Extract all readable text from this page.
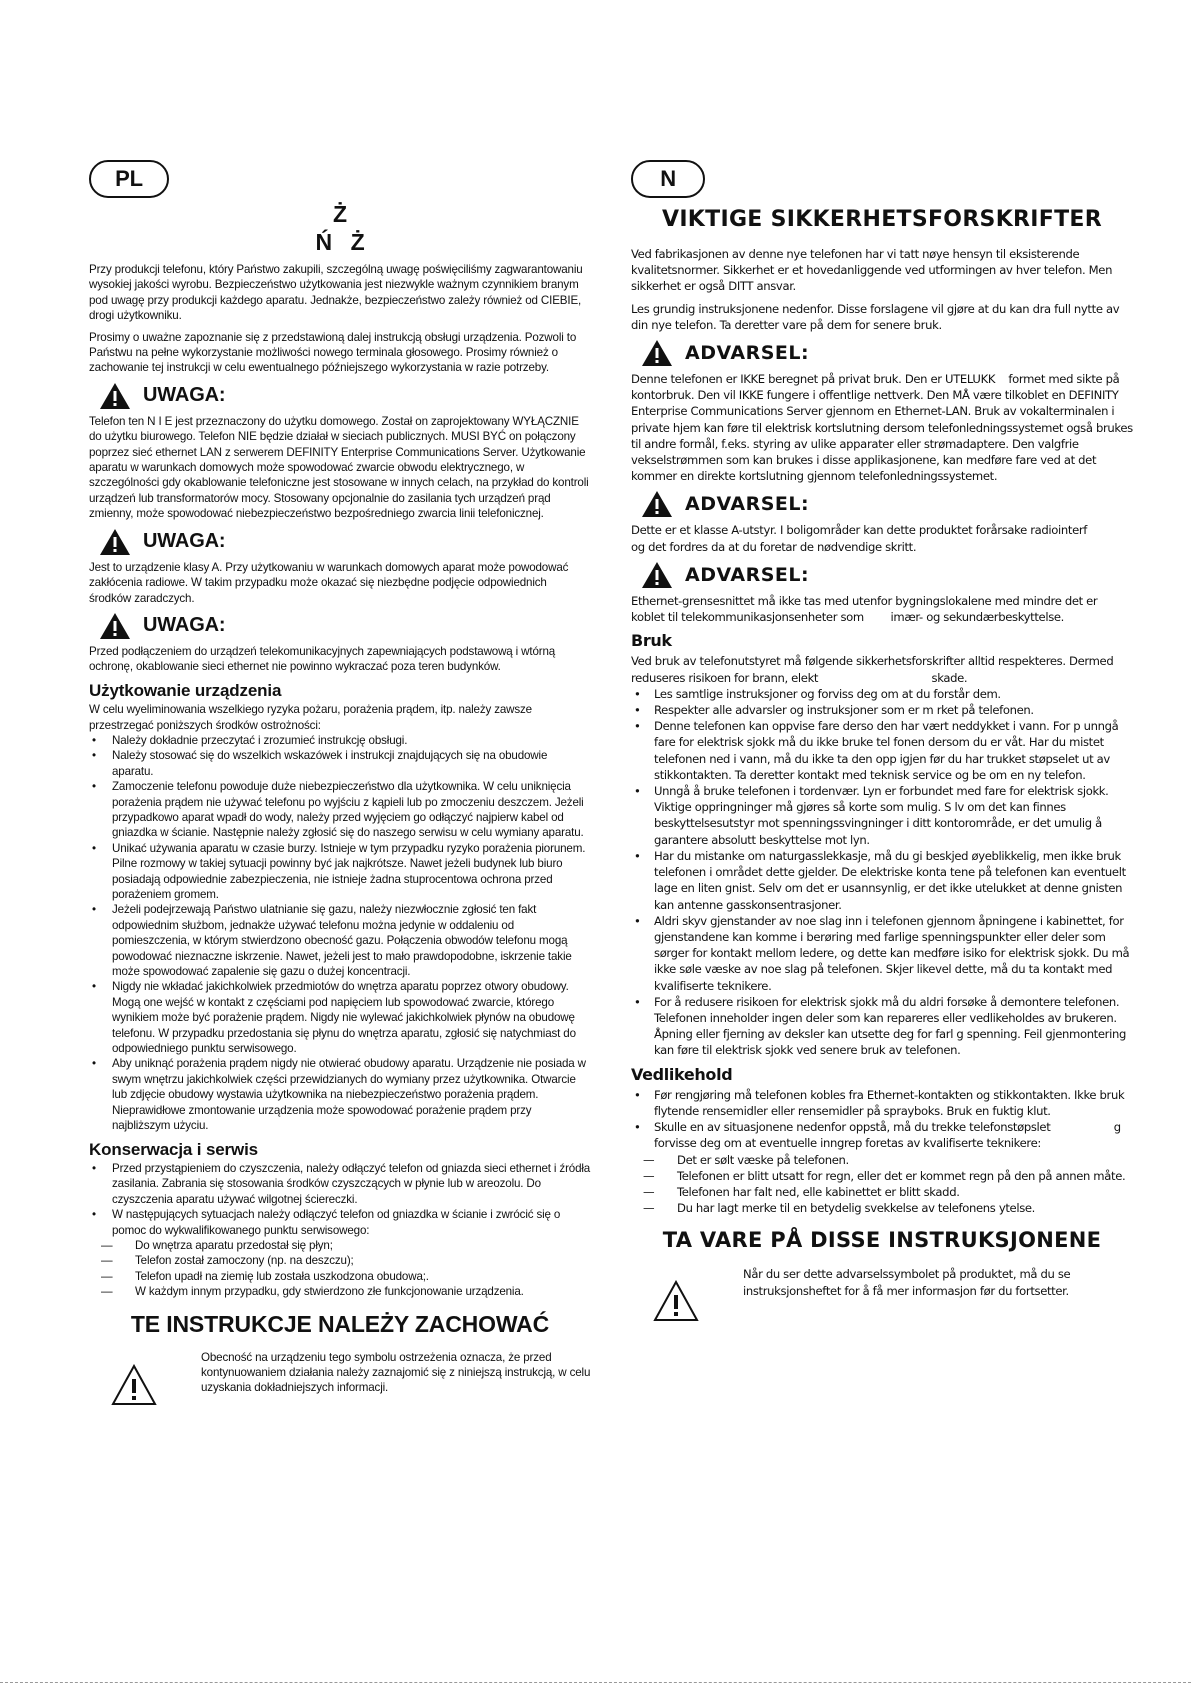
PL
Ż
Ń   Ż

Przy produkcji telefonu, który Państwo zakupili, szczególną uwagę poświęciliśmy zagwarantowaniu wysokiej jakości wyrobu. Bezpieczeństwo użytkowania jest niezwykle ważnym czynnikiem branym pod uwagę przy produkcji każdego aparatu. Jednakże, bezpieczeństwo zależy również od CIEBIE, drogi użytkowniku.

Prosimy o uważne zapoznanie się z przedstawioną dalej instrukcją obsługi urządzenia. Pozwoli to Państwu na pełne wykorzystanie możliwości nowego terminala głosowego. Prosimy również o zachowanie tej instrukcji w celu ewentualnego późniejszego wykorzystania w razie potrzeby.

UWAGA:

Telefon ten N I E jest przeznaczony do użytku domowego. Został on zaprojektowany WYŁĄCZNIE do użytku biurowego. Telefon NIE będzie działał w sieciach publicznych. MUSI BYĆ on połączony poprzez sieć ethernet LAN z serwerem DEFINITY Enterprise Communications Server. Użytkowanie aparatu w warunkach domowych może spowodować zwarcie obwodu elektrycznego, w szczególności gdy okablowanie telefoniczne jest stosowane w innych celach, na przykład do kontroli urządzeń lub transformatorów mocy. Stosowany opcjonalnie do zasilania tych urządzeń prąd zmienny, może spowodować niebezpieczeństwo bezpośredniego zwarcia linii telefonicznej.

UWAGA:

Jest to urządzenie klasy A. Przy użytkowaniu w warunkach domowych aparat może powodować zakłócenia radiowe. W takim przypadku może okazać się niezbędne podjęcie odpowiednich środków zaradczych.

UWAGA:

Przed podłączeniem do urządzeń telekomunikacyjnych zapewniających podstawową i wtórną ochronę, okablowanie sieci ethernet nie powinno wykraczać poza teren budynków.

Użytkowanie urządzenia

W celu wyeliminowania wszelkiego ryzyka pożaru, porażenia prądem, itp. należy zawsze przestrzegać poniższych środków ostrożności:

• Należy dokładnie przeczytać i zrozumieć instrukcję obsługi.
• Należy stosować się do wszelkich wskazówek i instrukcji znajdujących się na obudowie aparatu.
• Zamoczenie telefonu powoduje duże niebezpieczeństwo dla użytkownika. W celu uniknięcia porażenia prądem nie używać telefonu po wyjściu z kąpieli lub po zmoczeniu deszczem. Jeżeli przypadkowo aparat wpadł do wody, należy przed wyjęciem go odłączyć najpierw kabel od gniazdka w ścianie. Następnie należy zgłosić się do naszego serwisu w celu wymiany aparatu.
• Unikać używania aparatu w czasie burzy. Istnieje w tym przypadku ryzyko porażenia piorunem. Pilne rozmowy w takiej sytuacji powinny być jak najkrótsze. Nawet jeżeli budynek lub biuro posiadają odpowiednie zabezpieczenia, nie istnieje żadna stuprocentowa ochrona przed porażeniem gromem.
• Jeżeli podejrzewają Państwo ulatnianie się gazu, należy niezwłocznie zgłosić ten fakt odpowiednim służbom, jednakże używać telefonu można jedynie w oddaleniu od pomieszczenia, w którym stwierdzono obecność gazu. Połączenia obwodów telefonu mogą powodować nieznaczne iskrzenie. Nawet, jeżeli jest to mało prawdopodobne, iskrzenie takie może spowodować zapalenie się gazu o dużej koncentracji.
• Nigdy nie wkładać jakichkolwiek przedmiotów do wnętrza aparatu poprzez otwory obudowy. Mogą one wejść w kontakt z częściami pod napięciem lub spowodować zwarcie, którego wynikiem może być porażenie prądem. Nigdy nie wylewać jakichkolwiek płynów na obudowę telefonu. W przypadku przedostania się płynu do wnętrza aparatu, zgłosić się natychmiast do odpowiedniego punktu serwisowego.
• Aby uniknąć porażenia prądem nigdy nie otwierać obudowy aparatu. Urządzenie nie posiada w swym wnętrzu jakichkolwiek części przewidzianych do wymiany przez użytkownika. Otwarcie lub zdjęcie obudowy wystawia użytkownika na niebezpieczeństwo porażenia prądem. Nieprawidłowe zmontowanie urządzenia może spowodować porażenie prądem przy najbliższym użyciu.
Konserwacja i serwis
• Przed przystąpieniem do czyszczenia, należy odłączyć telefon od gniazda sieci ethernet i źródła zasilania. Zabrania się stosowania środków czyszczących w płynie lub w areozolu. Do czyszczenia aparatu używać wilgotnej ściereczki.
• W następujących sytuacjach należy odłączyć telefon od gniazdka w ścianie i zwrócić się o pomoc do wykwalifikowanego punktu serwisowego:
— Do wnętrza aparatu przedostał się płyn;
— Telefon został zamoczony (np. na deszczu);
— Telefon upadł na ziemię lub została uszkodzona obudowa;.
— W każdym innym przypadku, gdy stwierdzono złe funkcjonowanie urządzenia.
TE INSTRUKCJE NALEŻY ZACHOWAĆ

Obecność na urządzeniu tego symbolu ostrzeżenia oznacza, że przed kontynuowaniem działania należy zaznajomić się z niniejszą instrukcją, w celu uzyskania dokładniejszych informacji.

N
VIKTIGE SIKKERHETSFORSKRIFTER

Ved fabrikasjonen av denne nye telefonen har vi tatt nøye hensyn til eksisterende kvalitetsnormer. Sikkerhet er et hovedanliggende ved utformingen av hver telefon. Men sikkerhet er også DITT ansvar.

Les grundig instruksjonene nedenfor. Disse forslagene vil gjøre at du kan dra full nytte av din nye telefon. Ta deretter vare på dem for senere bruk.

ADVARSEL:

Denne telefonen er IKKE beregnet på privat bruk. Den er UTELUKK    formet med sikte på kontorbruk. Den vil IKKE fungere i offentlige nettverk. Den MÅ være tilkoblet en DEFINITY Enterprise Communications Server gjennom en Ethernet-LAN. Bruk av vokalterminalen i private hjem kan føre til elektrisk kortslutning dersom telefonledningssystemet også brukes til andre formål, f.eks. styring av ulike apparater eller strømadaptere. Den valgfrie vekselstrømmen som kan brukes i disse applikasjonene, kan medføre fare ved at det kommer en direkte kortslutning gjennom telefonledningssystemet.

ADVARSEL:

Dette er et klasse A-utstyr. I boligområder kan dette produktet forårsake radiointerf          og det fordres da at du foretar de nødvendige skritt.

ADVARSEL:

Ethernet-grensesnittet må ikke tas med utenfor bygningslokalene med mindre det er koblet til telekommunikasjonsenheter som        imær- og sekundærbeskyttelse.

Bruk

Ved bruk av telefonutstyret må følgende sikkerhetsforskrifter alltid respekteres. Dermed reduseres risikoen for brann, elekt                                  skade.

• Les samtlige instruksjoner og forviss deg om at du forstår dem.
• Respekter alle advarsler og instruksjoner som er m rket på telefonen.
• Denne telefonen kan oppvise fare derso den har vært neddykket i vann. For p unngå fare for elektrisk sjokk må du ikke bruke tel fonen dersom du er våt. Har du mistet telefonen ned i vann, må du ikke ta den opp igjen før du har trukket støpselet ut av stikkontakten. Ta deretter kontakt med teknisk service og be om en ny telefon.
• Unngå å bruke telefonen i tordenvær. Lyn er forbundet med fare for elektrisk sjokk. Viktige oppringninger må gjøres så korte som mulig. S lv om det kan finnes beskyttelsesutstyr mot spenningssvingninger i ditt kontorområde, er det umulig å garantere absolutt beskyttelse mot lyn.
• Har du mistanke om naturgasslekkasje, må du gi beskjed øyeblikkelig, men ikke bruk telefonen i området dette gjelder. De elektriske konta tene på telefonen kan eventuelt lage en liten gnist. Selv om det er usannsynlig, er det ikke utelukket at denne gnisten kan antenne gasskonsentrasjoner.
• Aldri skyv gjenstander av noe slag inn i telefonen gjennom åpningene i kabinettet, for gjenstandene kan komme i berøring med farlige spenningspunkter eller deler som sørger for kontakt mellom ledere, og dette kan medføre isiko for elektrisk sjokk. Du må ikke søle væske av noe slag på telefonen. Skjer likevel dette, må du ta kontakt med kvalifiserte teknikere.
• For å redusere risikoen for elektrisk sjokk må du aldri forsøke å demontere telefonen. Telefonen inneholder ingen deler som kan repareres eller vedlikeholdes av brukeren. Åpning eller fjerning av deksler kan utsette deg for farl g spenning. Feil gjenmontering kan føre til elektrisk sjokk ved senere bruk av telefonen.
Vedlikehold
• Før rengjøring må telefonen kobles fra Ethernet-kontakten og stikkontakten. Ikke bruk flytende rensemidler eller rensemidler på sprayboks. Bruk en fuktig klut.
• Skulle en av situasjonene nedenfor oppstå, må du trekke telefonstøpslet                   g forvisse deg om at eventuelle inngrep foretas av kvalifiserte teknikere:
— Det er sølt væske på telefonen.
— Telefonen er blitt utsatt for regn, eller det er kommet regn på den på annen måte.
— Telefonen har falt ned, elle kabinettet er blitt skadd.
— Du har lagt merke til en betydelig svekkelse av telefonens ytelse.
TA VARE PÅ DISSE INSTRUKSJONENE

Når du ser dette advarselssymbolet på produktet, må du se instruksjonsheftet for å få mer informasjon før du fortsetter.
